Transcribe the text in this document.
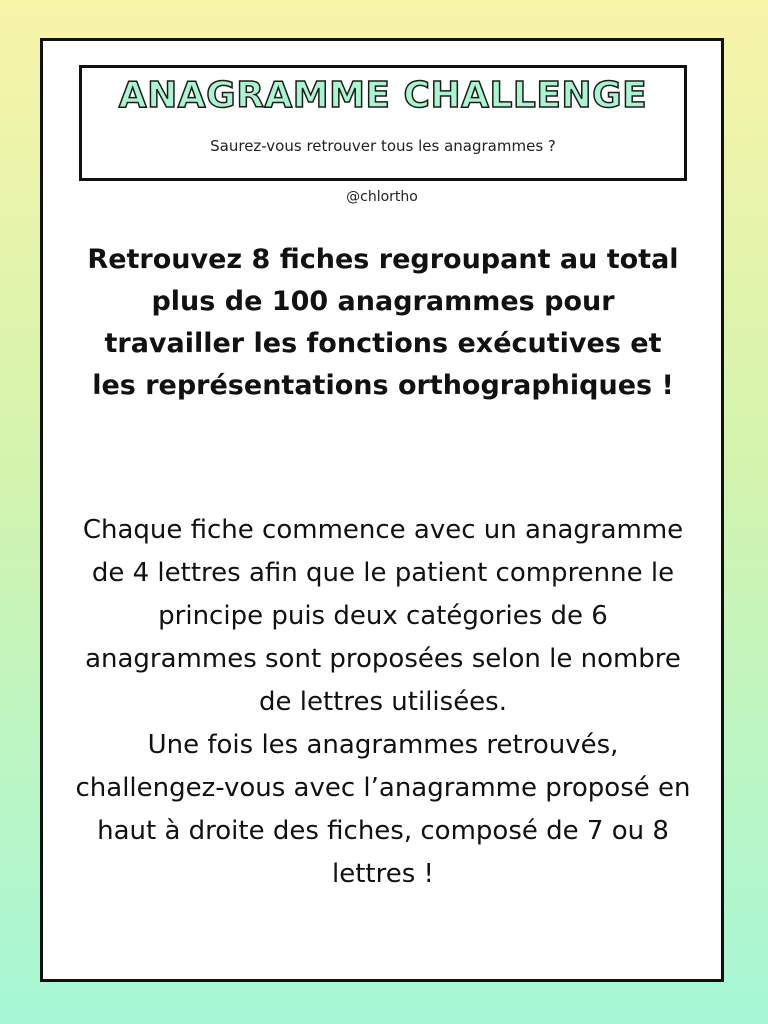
ANAGRAMME CHALLENGE
Saurez-vous retrouver tous les anagrammes ?
@chlortho
Retrouvez 8 fiches regroupant au total plus de 100 anagrammes pour travailler les fonctions exécutives et les représentations orthographiques !

Chaque fiche commence avec un anagramme de 4 lettres afin que le patient comprenne le principe puis deux catégories de 6 anagrammes sont proposées selon le nombre de lettres utilisées.

Une fois les anagrammes retrouvés, challengez-vous avec l’anagramme proposé en haut à droite des fiches, composé de 7 ou 8 lettres !
